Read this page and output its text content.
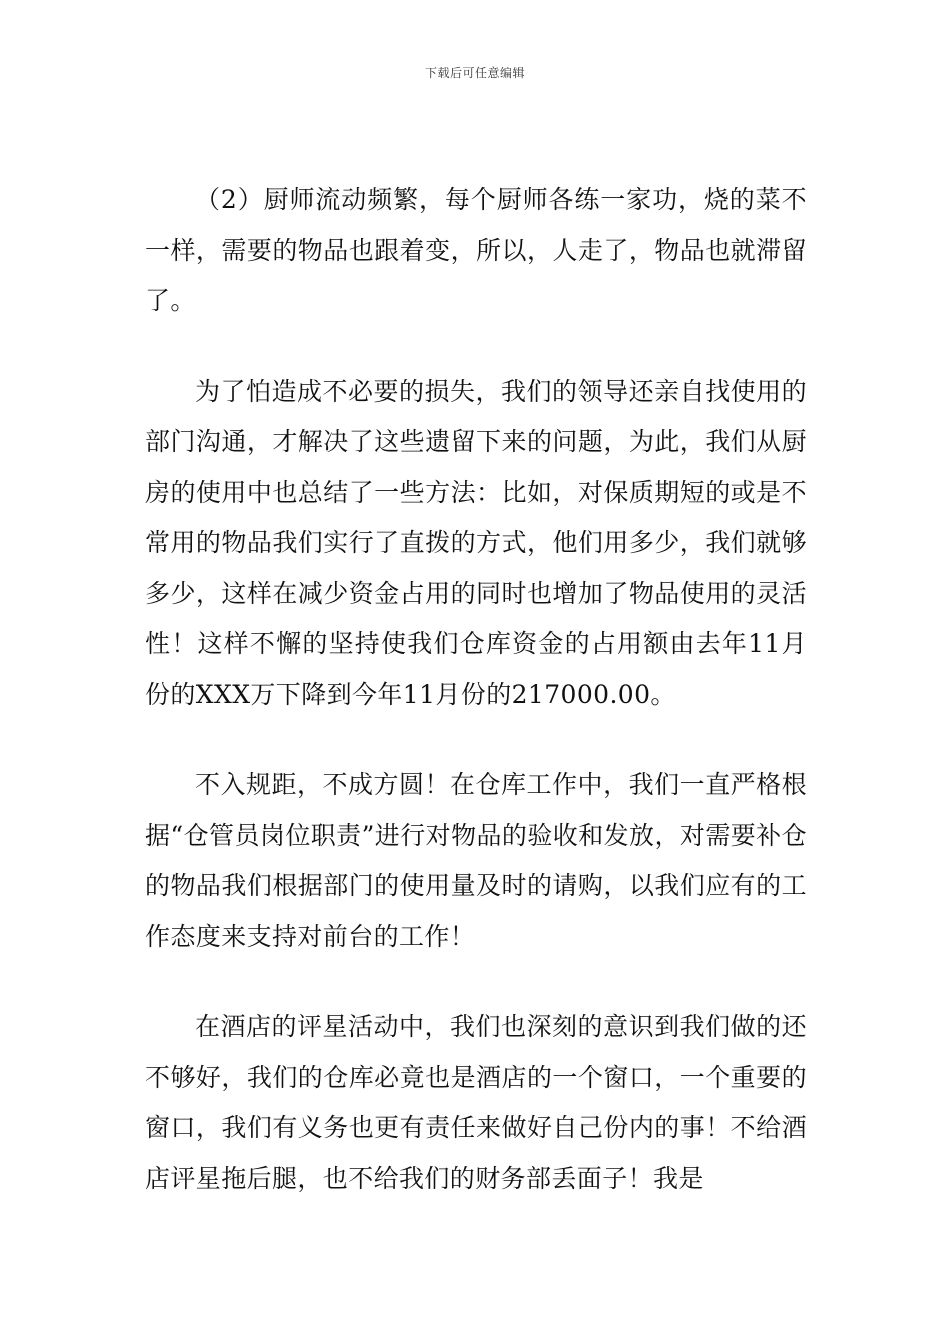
下载后可任意编辑

（2）厨师流动频繁，每个厨师各练一家功，烧的菜不一样，需要的物品也跟着变，所以，人走了，物品也就滞留了。

为了怕造成不必要的损失，我们的领导还亲自找使用的部门沟通，才解决了这些遗留下来的问题，为此，我们从厨房的使用中也总结了一些方法：比如，对保质期短的或是不常用的物品我们实行了直拨的方式，他们用多少，我们就够多少，这样在减少资金占用的同时也增加了物品使用的灵活性！这样不懈的坚持使我们仓库资金的占用额由去年11月份的XXX万下降到今年11月份的217000.00。

不入规距，不成方圆！在仓库工作中，我们一直严格根据“仓管员岗位职责”进行对物品的验收和发放，对需要补仓的物品我们根据部门的使用量及时的请购，以我们应有的工作态度来支持对前台的工作！

在酒店的评星活动中，我们也深刻的意识到我们做的还不够好，我们的仓库必竟也是酒店的一个窗口，一个重要的窗口，我们有义务也更有责任来做好自己份内的事！不给酒店评星拖后腿，也不给我们的财务部丢面子！我是
